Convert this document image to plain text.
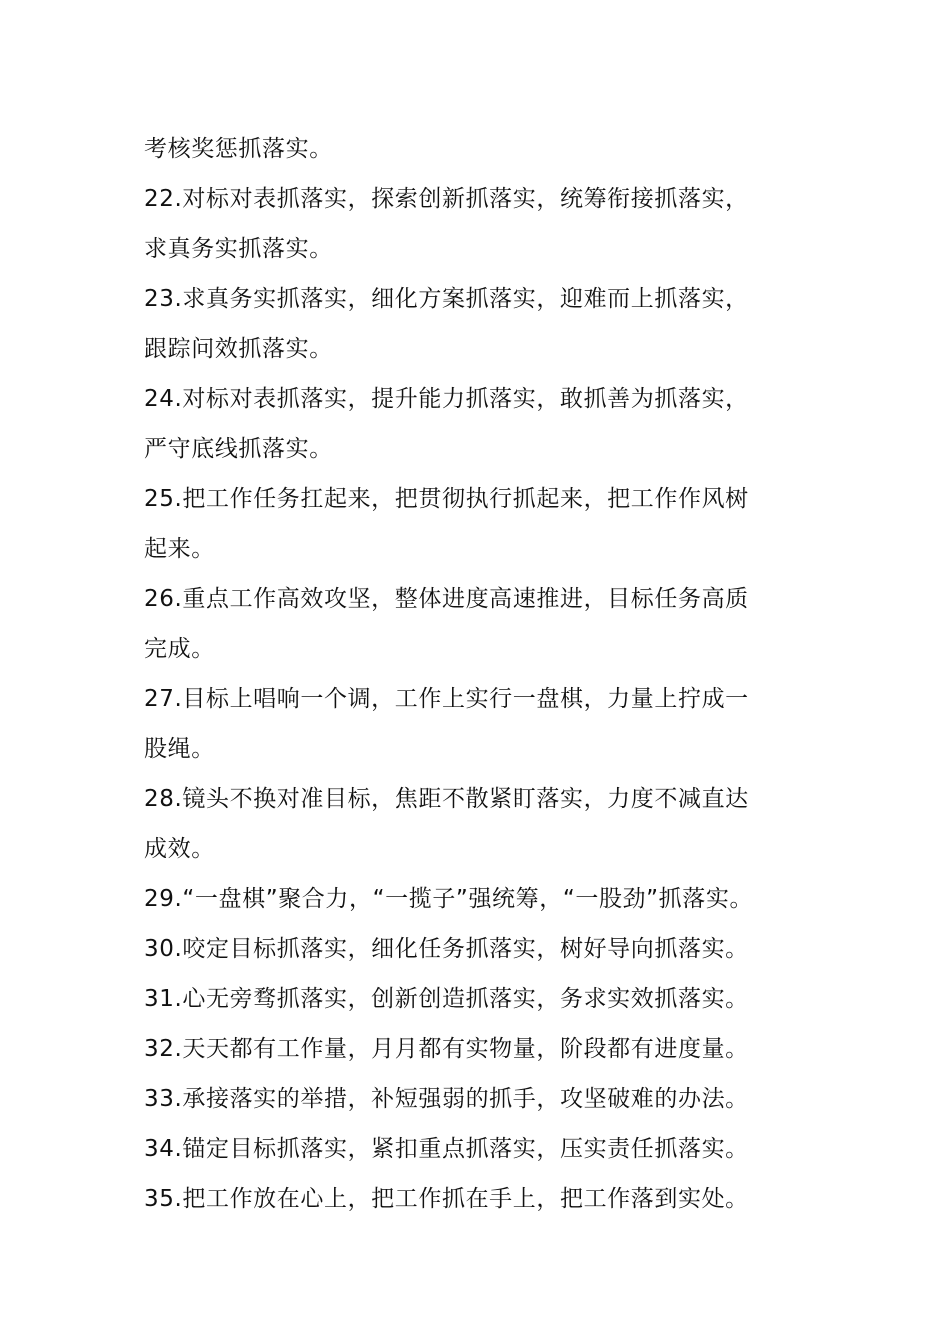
考核奖惩抓落实。
22.对标对表抓落实，探索创新抓落实，统筹衔接抓落实，
求真务实抓落实。
23.求真务实抓落实，细化方案抓落实，迎难而上抓落实，
跟踪问效抓落实。
24.对标对表抓落实，提升能力抓落实，敢抓善为抓落实，
严守底线抓落实。
25.把工作任务扛起来，把贯彻执行抓起来，把工作作风树
起来。
26.重点工作高效攻坚，整体进度高速推进，目标任务高质
完成。
27.目标上唱响一个调，工作上实行一盘棋，力量上拧成一
股绳。
28.镜头不换对准目标，焦距不散紧盯落实，力度不减直达
成效。
29.“一盘棋”聚合力，“一揽子”强统筹，“一股劲”抓落实。
30.咬定目标抓落实，细化任务抓落实，树好导向抓落实。
31.心无旁骛抓落实，创新创造抓落实，务求实效抓落实。
32.天天都有工作量，月月都有实物量，阶段都有进度量。
33.承接落实的举措，补短强弱的抓手，攻坚破难的办法。
34.锚定目标抓落实，紧扣重点抓落实，压实责任抓落实。
35.把工作放在心上，把工作抓在手上，把工作落到实处。
